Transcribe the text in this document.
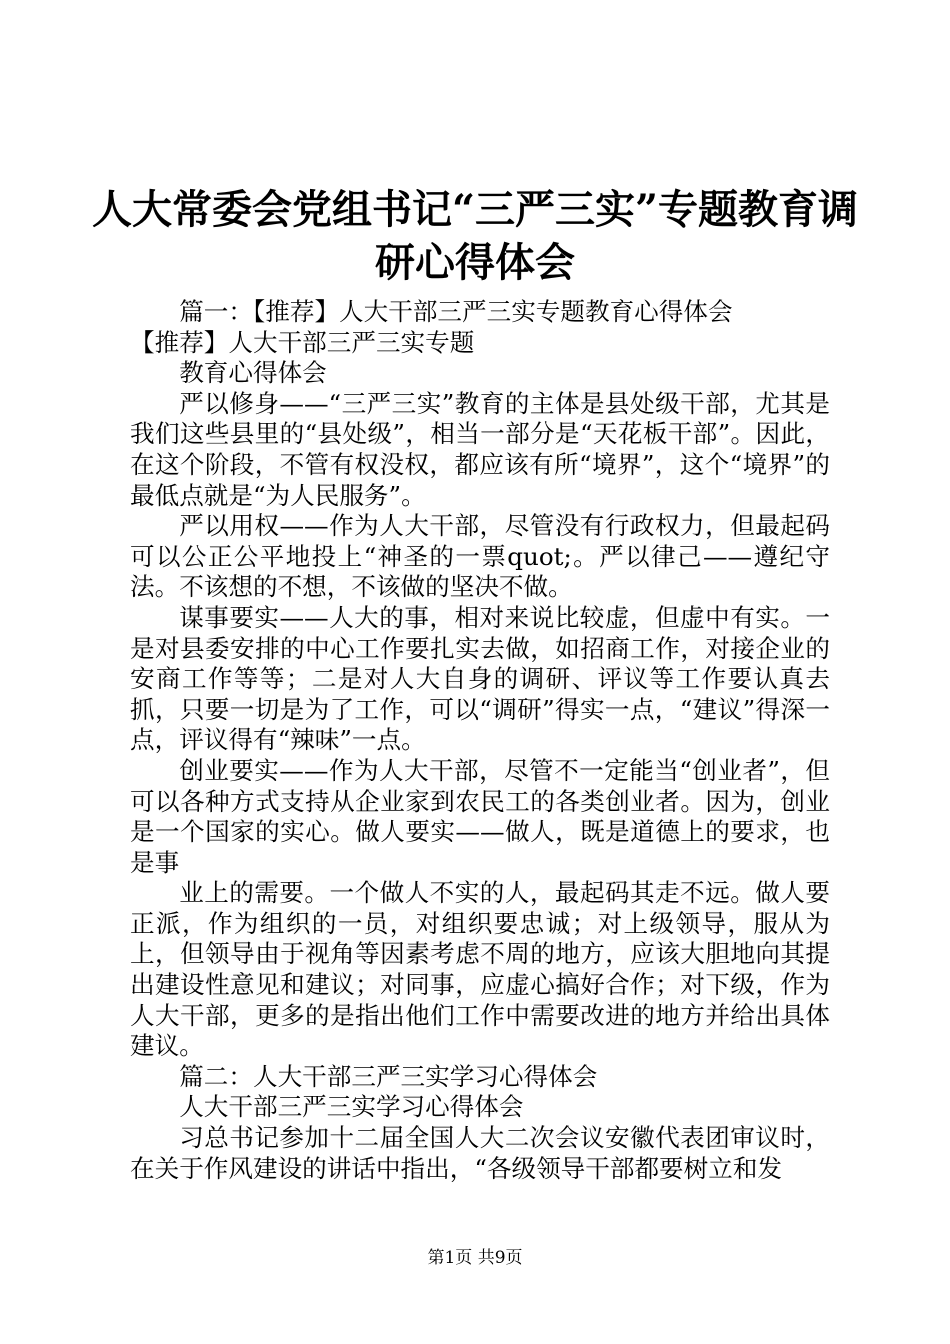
人大常委会党组书记“三严三实”专题教育调
研心得体会

篇一：【推荐】人大干部三严三实专题教育心得体会

【推荐】人大干部三严三实专题

教育心得体会

严以修身——“三严三实”教育的主体是县处级干部，尤其是我们这些县里的“县处级”，相当一部分是“天花板干部”。因此，在这个阶段，不管有权没权，都应该有所“境界”，这个“境界”的最低点就是“为人民服务”。

严以用权——作为人大干部，尽管没有行政权力，但最起码可以公正公平地投上“神圣的一票quot;。严以律己——遵纪守法。不该想的不想，不该做的坚决不做。

谋事要实——人大的事，相对来说比较虚，但虚中有实。一是对县委安排的中心工作要扎实去做，如招商工作，对接企业的安商工作等等；二是对人大自身的调研、评议等工作要认真去抓，只要一切是为了工作，可以“调研”得实一点，“建议”得深一点，评议得有“辣味”一点。

创业要实——作为人大干部，尽管不一定能当“创业者”，但可以各种方式支持从企业家到农民工的各类创业者。因为，创业是一个国家的实心。做人要实——做人，既是道德上的要求，也是事

业上的需要。一个做人不实的人，最起码其走不远。做人要正派，作为组织的一员，对组织要忠诚；对上级领导，服从为上，但领导由于视角等因素考虑不周的地方，应该大胆地向其提出建设性意见和建议；对同事，应虚心搞好合作；对下级，作为人大干部，更多的是指出他们工作中需要改进的地方并给出具体建议。

篇二：人大干部三严三实学习心得体会

人大干部三严三实学习心得体会

习总书记参加十二届全国人大二次会议安徽代表团审议时，在关于作风建设的讲话中指出，“各级领导干部都要树立和发

第1页 共9页
